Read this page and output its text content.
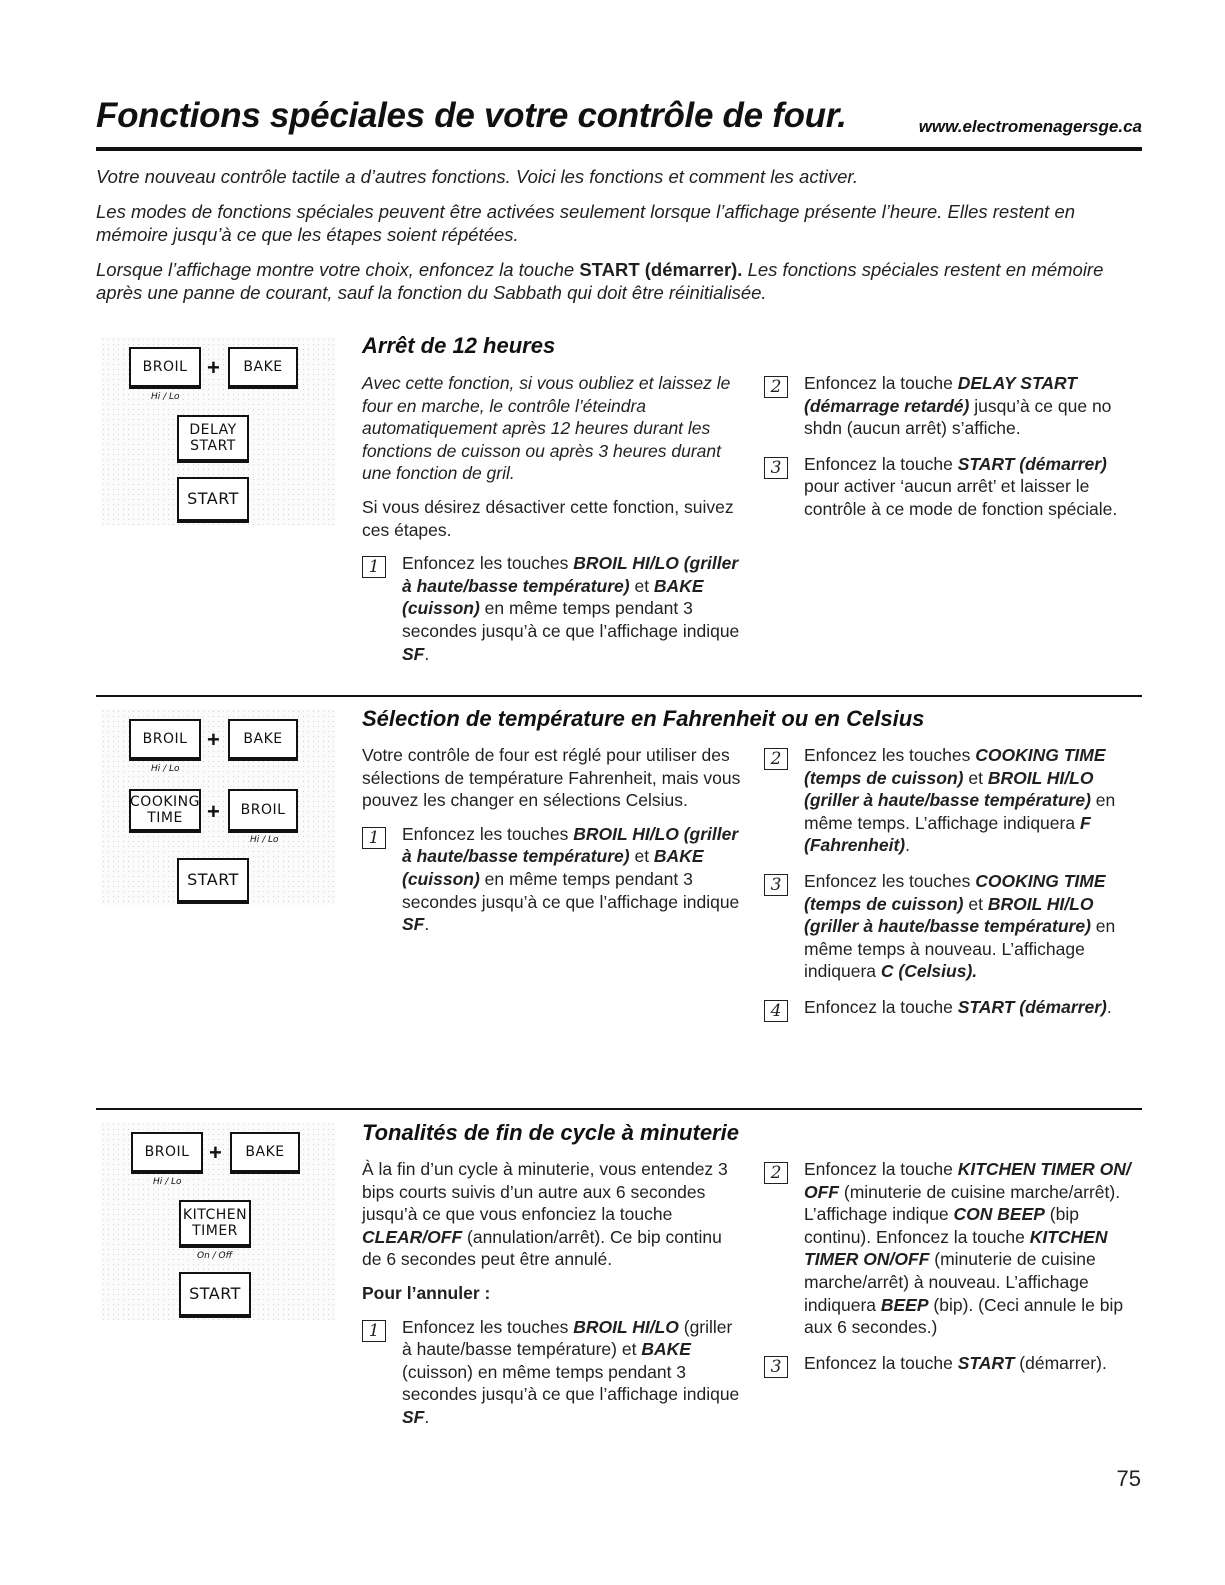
Fonctions spéciales de votre contrôle de four.	www.electromenagersge.ca
Votre nouveau contrôle tactile a d’autres fonctions. Voici les fonctions et comment les activer.
Les modes de fonctions spéciales peuvent être activées seulement lorsque l’affichage présente l’heure. Elles restent en mémoire jusqu’à ce que les étapes soient répétées.
Lorsque l’affichage montre votre choix, enfoncez la touche START (démarrer). Les fonctions spéciales restent en mémoire après une panne de courant, sauf la fonction du Sabbath qui doit être réinitialisée.
BROIL +	BAKE
Hi / Lo
DELAY
START
START
Arrêt de 12 heures

Avec cette fonction, si vous oubliez et laissez le four en marche, le contrôle l’éteindra automatiquement après 12 heures durant les fonctions de cuisson ou après 3 heures durant une fonction de gril.

Si vous désirez désactiver cette fonction, suivez ces étapes.

1	Enfoncez les touches BROIL HI/LO (griller à haute/basse température) et BAKE (cuisson) en même temps pendant 3 secondes jusqu’à ce que l’affichage indique SF.
2	Enfoncez la touche DELAY START (démarrage retardé) jusqu’à ce que no shdn (aucun arrêt) s’affiche.
3	Enfoncez la touche START (démarrer) pour activer ‘aucun arrêt’ et laisser le contrôle à ce mode de fonction spéciale.
BROIL +	BAKE
Hi / Lo
COOKING
TIME +	BROIL
Hi / Lo
START
Sélection de température en Fahrenheit ou en Celsius

Votre contrôle de four est réglé pour utiliser des sélections de température Fahrenheit, mais vous pouvez les changer en sélections Celsius.

1	Enfoncez les touches BROIL HI/LO (griller à haute/basse température) et BAKE (cuisson) en même temps pendant 3 secondes jusqu’à ce que l’affichage indique SF.
2	Enfoncez les touches COOKING TIME (temps de cuisson) et BROIL HI/LO (griller à haute/basse température) en même temps. L’affichage indiquera F (Fahrenheit).
3	Enfoncez les touches COOKING TIME (temps de cuisson) et BROIL HI/LO (griller à haute/basse température) en même temps à nouveau. L’affichage indiquera C (Celsius).
4	Enfoncez la touche START (démarrer).
BROIL +	BAKE
Hi / Lo
KITCHEN
TIMER
On / Off
START
Tonalités de fin de cycle à minuterie

À la fin d’un cycle à minuterie, vous entendez 3 bips courts suivis d’un autre aux 6 secondes jusqu’à ce que vous enfonciez la touche CLEAR/OFF (annulation/arrêt). Ce bip continu de 6 secondes peut être annulé.

Pour l’annuler :

1	Enfoncez les touches BROIL HI/LO (griller à haute/basse température) et BAKE (cuisson) en même temps pendant 3 secondes jusqu’à ce que l’affichage indique SF.
2	Enfoncez la touche KITCHEN TIMER ON/ OFF (minuterie de cuisine marche/arrêt). L’affichage indique CON BEEP (bip continu). Enfoncez la touche KITCHEN TIMER ON/OFF (minuterie de cuisine marche/arrêt) à nouveau. L’affichage indiquera BEEP (bip). (Ceci annule le bip aux 6 secondes.)
3	Enfoncez la touche START (démarrer).
75
